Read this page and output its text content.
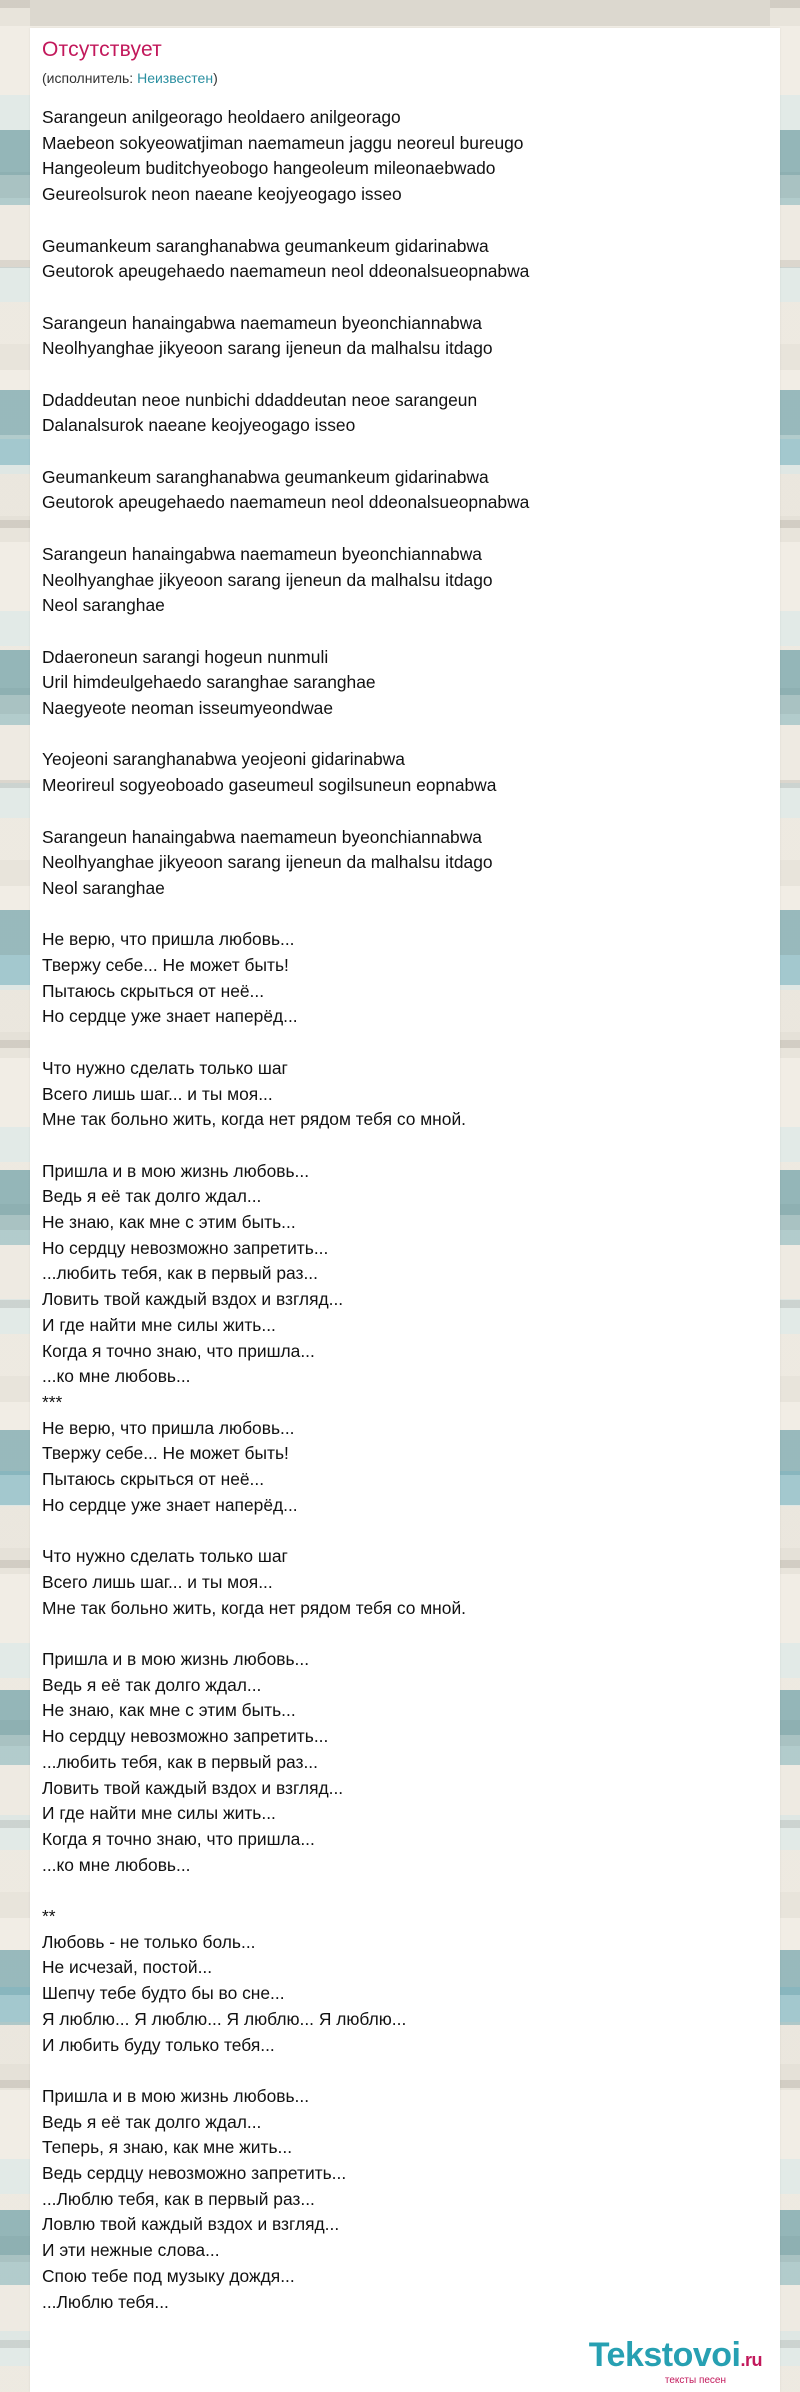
Отсутствует
(исполнитель: Неизвестен)
Sarangeun anilgeorago heoldaero anilgeorago
Maebeon sokyeowatjiman naemameun jaggu neoreul bureugo
Hangeoleum buditchyeobogo hangeoleum mileonaebwado
Geureolsurok neon naeane keojyeogago isseo
Geumankeum saranghanabwa geumankeum gidarinabwa
Geutorok apeugehaedo naemameun neol ddeonalsueopnabwa
Sarangeun hanaingabwa naemameun byeonchiannabwa
Neolhyanghae jikyeoon sarang ijeneun da malhalsu itdago
Ddaddeutan neoe nunbichi ddaddeutan neoe sarangeun
Dalanalsurok naeane keojyeogago isseo
Geumankeum saranghanabwa geumankeum gidarinabwa
Geutorok apeugehaedo naemameun neol ddeonalsueopnabwa
Sarangeun hanaingabwa naemameun byeonchiannabwa
Neolhyanghae jikyeoon sarang ijeneun da malhalsu itdago
Neol saranghae
Ddaeroneun sarangi hogeun nunmuli
Uril himdeulgehaedo saranghae saranghae
Naegyeote neoman isseumyeondwae
Yeojeoni saranghanabwa yeojeoni gidarinabwa
Meorireul sogyeoboado gaseumeul sogilsuneun eopnabwa
Sarangeun hanaingabwa naemameun byeonchiannabwa
Neolhyanghae jikyeoon sarang ijeneun da malhalsu itdago
Neol saranghae
Не верю, что пришла любовь...
Твержу себе... Не может быть!
Пытаюсь скрыться от неё...
Но сердце уже знает наперёд...
Что нужно сделать только шаг
Всего лишь шаг... и ты моя...
Мне так больно жить, когда нет рядом тебя со мной.
Пришла и в мою жизнь любовь...
Ведь я её так долго ждал...
Не знаю, как мне с этим быть...
Но сердцу невозможно запретить...
...любить тебя, как в первый раз...
Ловить твой каждый вздох и взгляд...
И где найти мне силы жить...
Когда я точно знаю, что пришла...
...ко мне любовь...
***
Не верю, что пришла любовь...
Твержу себе... Не может быть!
Пытаюсь скрыться от неё...
Но сердце уже знает наперёд...
Что нужно сделать только шаг
Всего лишь шаг... и ты моя...
Мне так больно жить, когда нет рядом тебя со мной.
Пришла и в мою жизнь любовь...
Ведь я её так долго ждал...
Не знаю, как мне с этим быть...
Но сердцу невозможно запретить...
...любить тебя, как в первый раз...
Ловить твой каждый вздох и взгляд...
И где найти мне силы жить...
Когда я точно знаю, что пришла...
...ко мне любовь...
**
Любовь - не только боль...
Не исчезай, постой...
Шепчу тебе будто бы во сне...
Я люблю... Я люблю... Я люблю... Я люблю...
И любить буду только тебя...
Пришла и в мою жизнь любовь...
Ведь я её так долго ждал...
Теперь, я знаю, как мне жить...
Ведь сердцу невозможно запретить...
...Люблю тебя, как в первый раз...
Ловлю твой каждый вздох и взгляд...
И эти нежные слова...
Спою тебе под музыку дождя...
...Люблю тебя...
Tekstovoi.ru
тексты песен
